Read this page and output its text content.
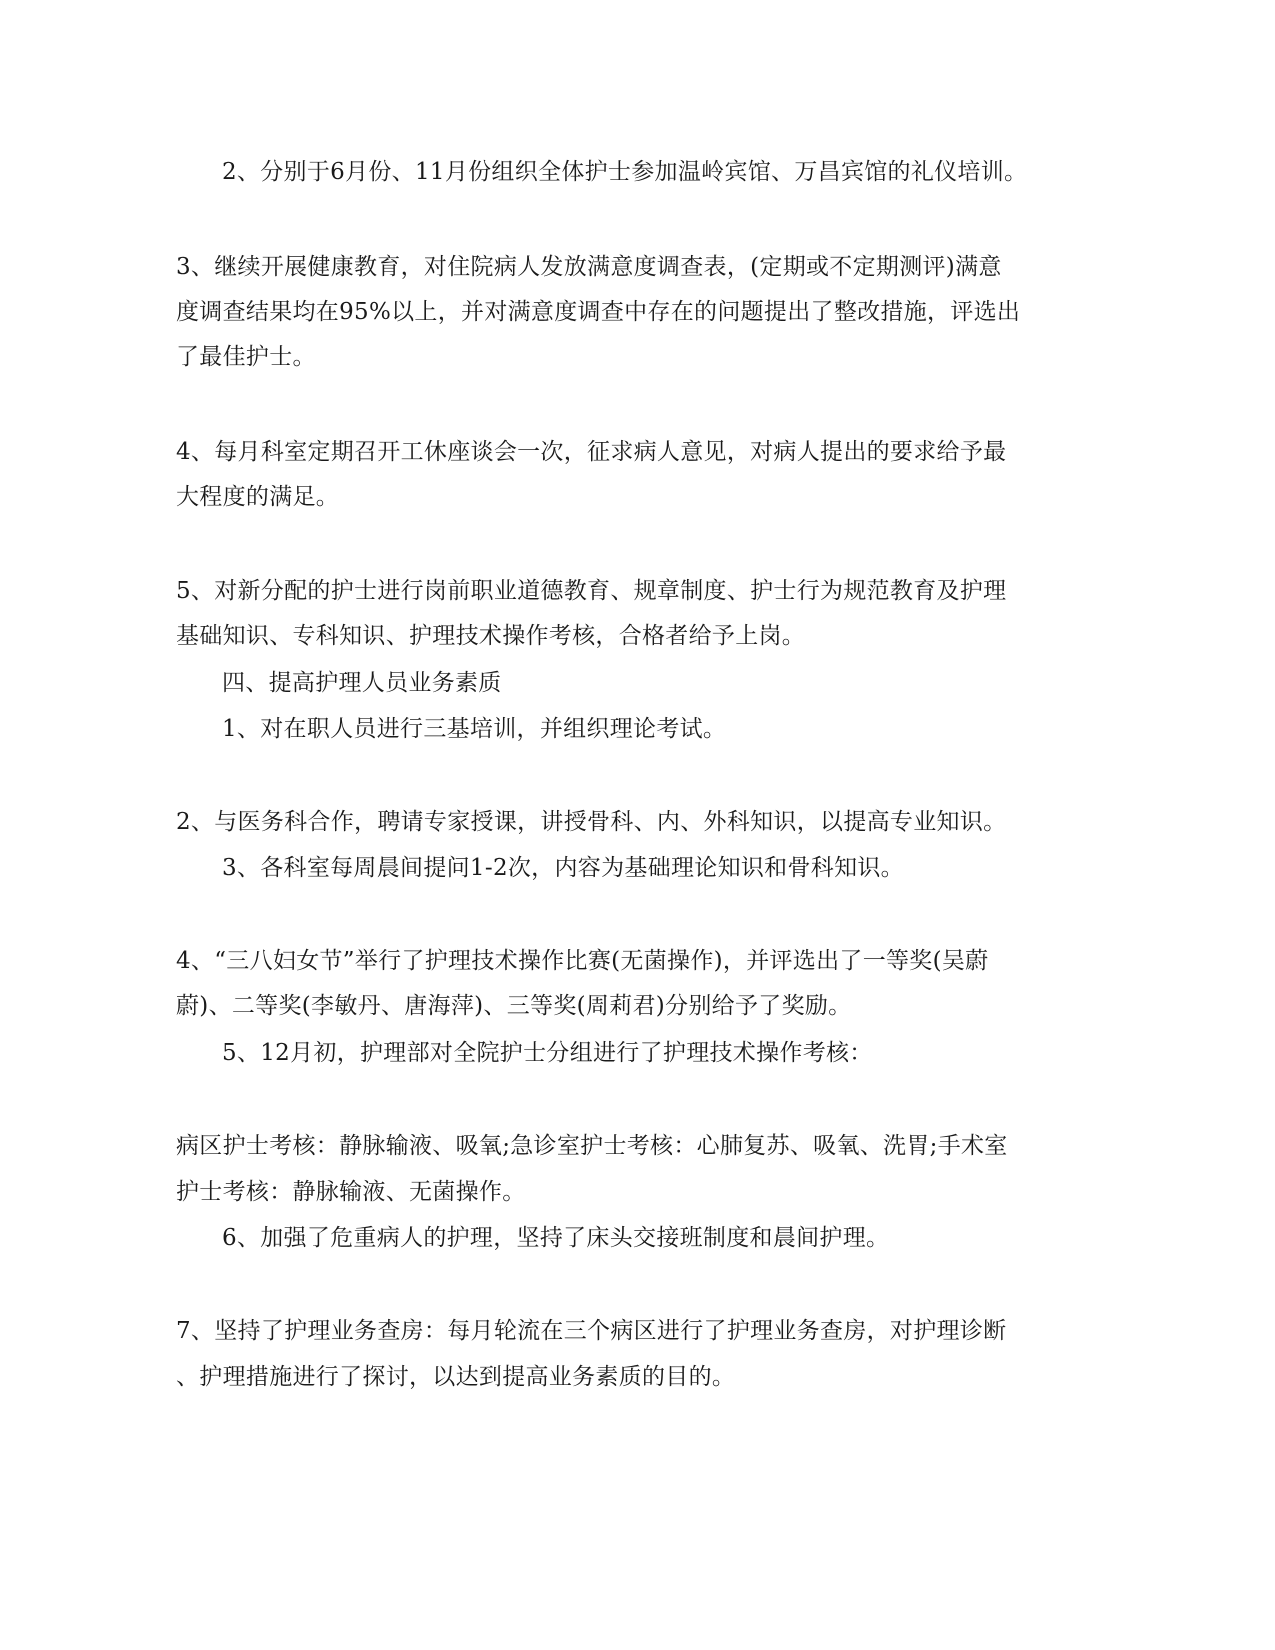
2、分别于6月份、11月份组织全体护士参加温岭宾馆、万昌宾馆的礼仪培训。
3、继续开展健康教育，对住院病人发放满意度调查表，(定期或不定期测评)满意
度调查结果均在95%以上，并对满意度调查中存在的问题提出了整改措施，评选出
了最佳护士。
4、每月科室定期召开工休座谈会一次，征求病人意见，对病人提出的要求给予最
大程度的满足。
5、对新分配的护士进行岗前职业道德教育、规章制度、护士行为规范教育及护理
基础知识、专科知识、护理技术操作考核，合格者给予上岗。
四、提高护理人员业务素质
1、对在职人员进行三基培训，并组织理论考试。
2、与医务科合作，聘请专家授课，讲授骨科、内、外科知识，以提高专业知识。
3、各科室每周晨间提问1-2次，内容为基础理论知识和骨科知识。
4、“三八妇女节”举行了护理技术操作比赛(无菌操作)，并评选出了一等奖(吴蔚
蔚)、二等奖(李敏丹、唐海萍)、三等奖(周莉君)分别给予了奖励。
5、12月初，护理部对全院护士分组进行了护理技术操作考核：
病区护士考核：静脉输液、吸氧;急诊室护士考核：心肺复苏、吸氧、洗胃;手术室
护士考核：静脉输液、无菌操作。
6、加强了危重病人的护理，坚持了床头交接班制度和晨间护理。
7、坚持了护理业务查房：每月轮流在三个病区进行了护理业务查房，对护理诊断
、护理措施进行了探讨，以达到提高业务素质的目的。
